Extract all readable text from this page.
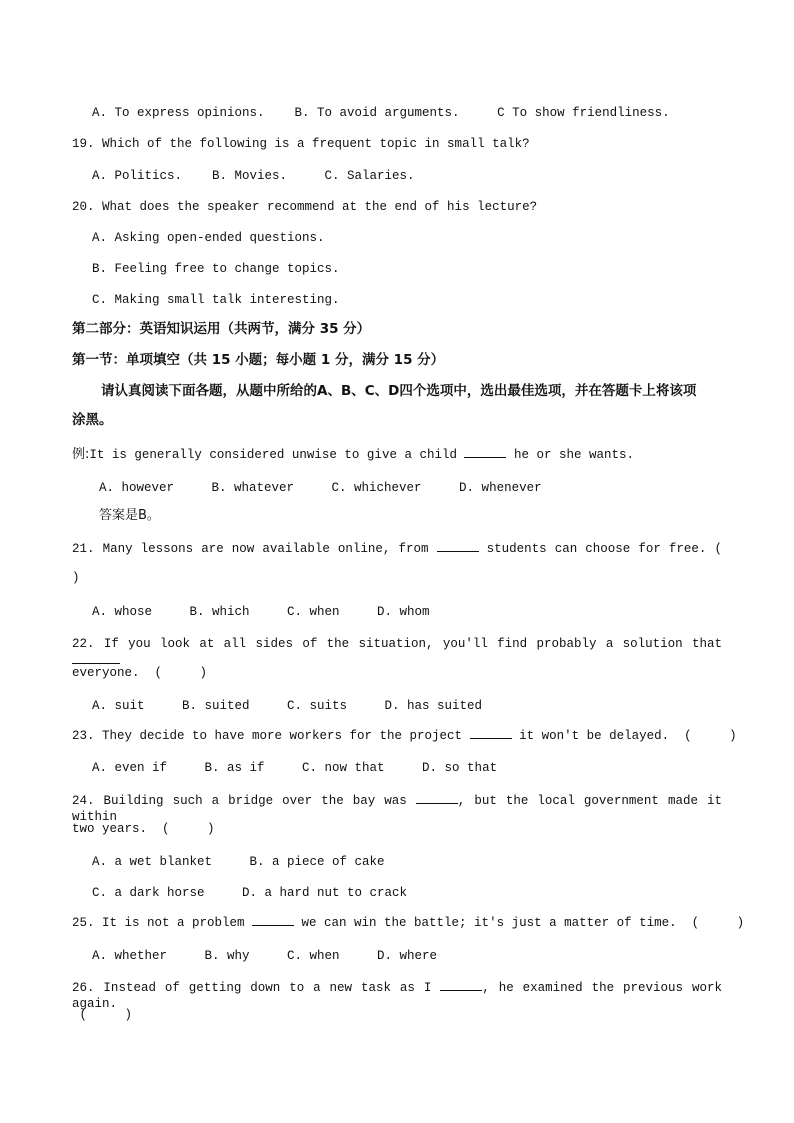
A. To express opinions.    B. To avoid arguments.     C To show friendliness.
19. Which of the following is a frequent topic in small talk?
A. Politics.    B. Movies.     C. Salaries.
20. What does the speaker recommend at the end of his lecture?
A. Asking open-ended questions.
B. Feeling free to change topics.
C. Making small talk interesting.
第二部分：英语知识运用（共两节，满分 35 分）
第一节：单项填空（共 15 小题；每小题 1 分，满分 15 分）
请认真阅读下面各题，从题中所给的A、B、C、D四个选项中，选出最佳选项，并在答题卡上将该项
涂黑。
例:It is generally considered unwise to give a child	he or she wants.
A. however     B. whatever     C. whichever     D. whenever
答案是B。
21. Many lessons are now available online, from	students can choose for free. (
)
A. whose     B. which     C. when     D. whom
22. If you look at all sides of the situation, you'll find probably a solution that
everyone.  (     )
A. suit     B. suited     C. suits     D. has suited
23. They decide to have more workers for the project	it won't be delayed.  (     )
A. even if     B. as if     C. now that     D. so that
24. Building such a bridge over the bay was	, but the local government made it within
two years.  (     )
A. a wet blanket     B. a piece of cake
C. a dark horse     D. a hard nut to crack
25. It is not a problem	we can win the battle; it's just a matter of time.  (     )
A. whether     B. why     C. when     D. where
26. Instead of getting down to a new task as I	, he examined the previous work again.
(     )
